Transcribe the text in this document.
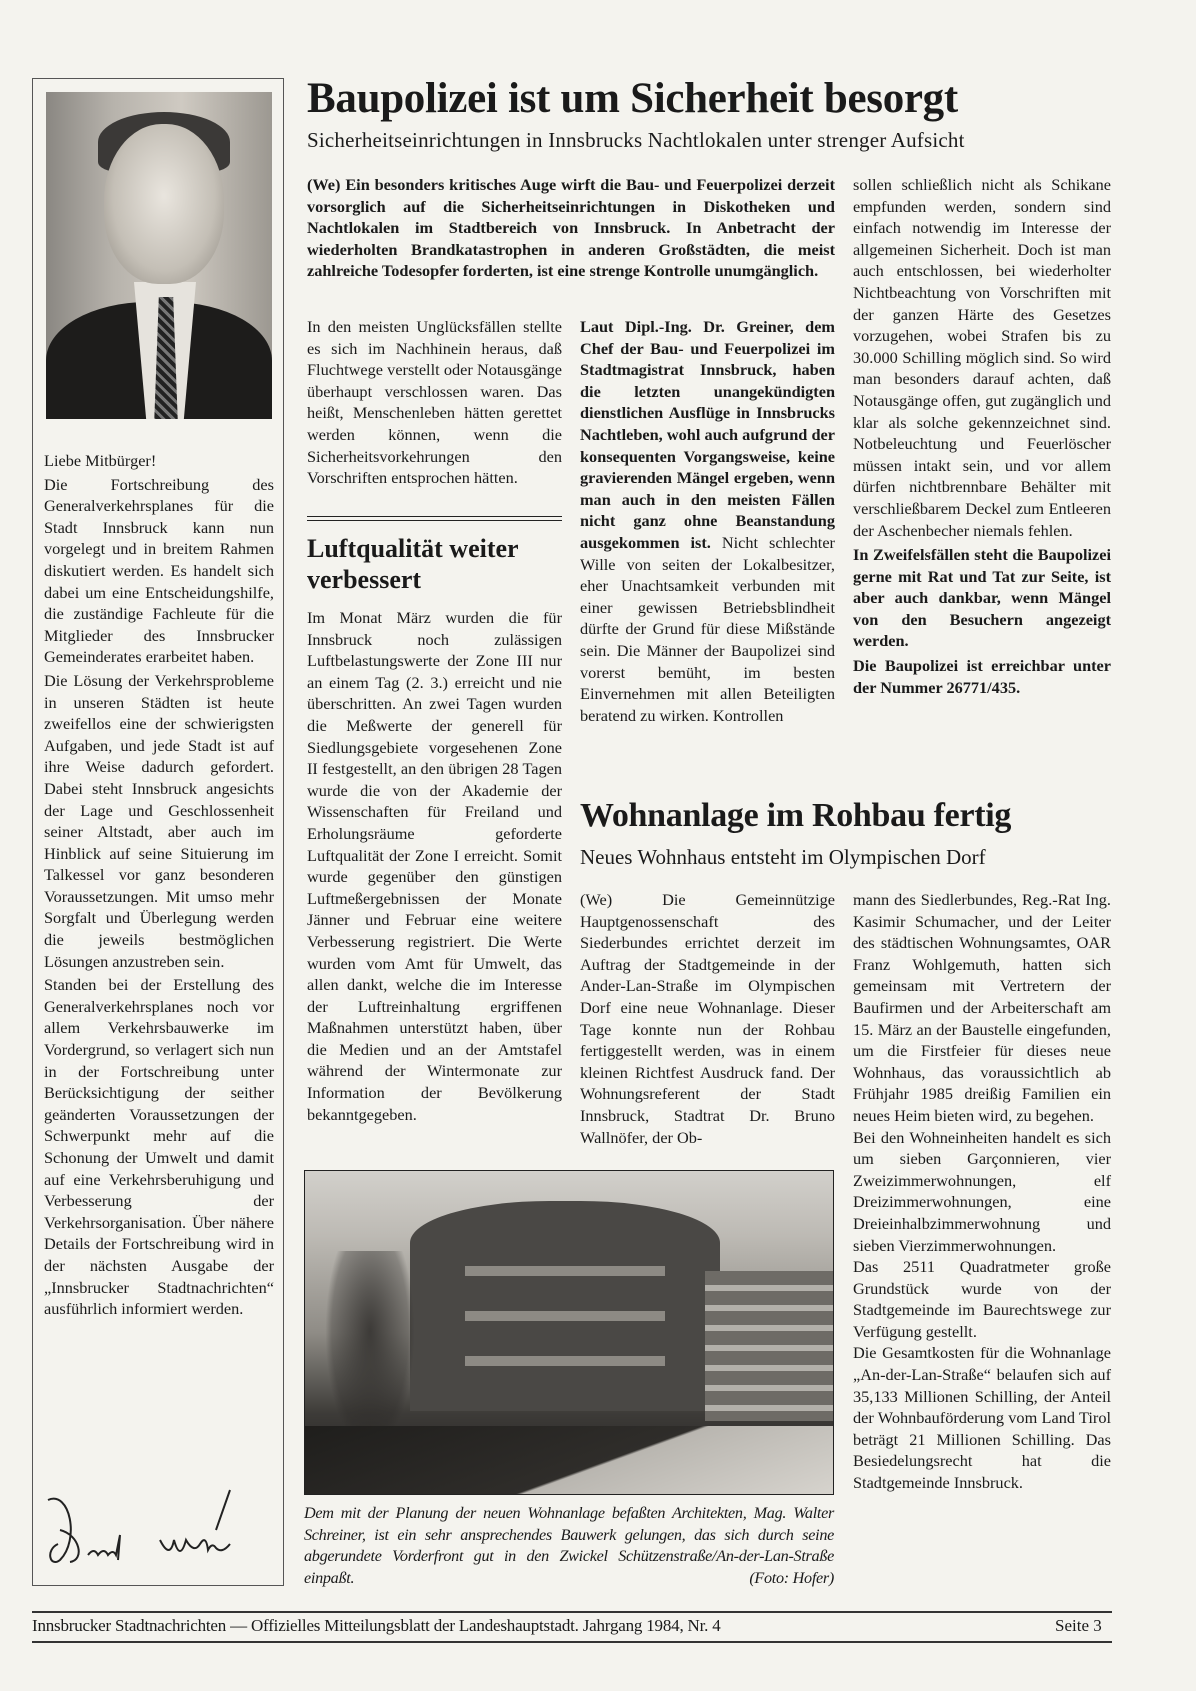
Liebe Mitbürger!

Die Fortschreibung des Generalverkehrsplanes für die Stadt Innsbruck kann nun vorgelegt und in breitem Rahmen diskutiert werden. Es handelt sich dabei um eine Entscheidungshilfe, die zuständige Fachleute für die Mitglieder des Innsbrucker Gemeinderates erarbeitet haben.

Die Lösung der Verkehrsprobleme in unseren Städten ist heute zweifellos eine der schwierigsten Aufgaben, und jede Stadt ist auf ihre Weise dadurch gefordert. Dabei steht Innsbruck angesichts der Lage und Geschlossenheit seiner Altstadt, aber auch im Hinblick auf seine Situierung im Talkessel vor ganz besonderen Voraussetzungen. Mit umso mehr Sorgfalt und Überlegung werden die jeweils bestmöglichen Lösungen anzustreben sein.

Standen bei der Erstellung des Generalverkehrsplanes noch vor allem Verkehrsbauwerke im Vordergrund, so verlagert sich nun in der Fortschreibung unter Berücksichtigung der seither geänderten Voraussetzungen der Schwerpunkt mehr auf die Schonung der Umwelt und damit auf eine Verkehrsberuhigung und Verbesserung der Verkehrsorganisation. Über nähere Details der Fortschreibung wird in der nächsten Ausgabe der „Innsbrucker Stadtnachrichten“ ausführlich informiert werden.

Baupolizei ist um Sicherheit besorgt
Sicherheitseinrichtungen in Innsbrucks Nachtlokalen unter strenger Aufsicht
(We) Ein besonders kritisches Auge wirft die Bau- und Feuerpolizei derzeit vorsorglich auf die Sicherheitseinrichtungen in Diskotheken und Nachtlokalen im Stadtbereich von Innsbruck. In Anbetracht der wiederholten Brandkatastrophen in anderen Großstädten, die meist zahlreiche Todesopfer forderten, ist eine strenge Kontrolle unumgänglich.

In den meisten Unglücksfällen stellte es sich im Nachhinein heraus, daß Fluchtwege verstellt oder Notausgänge überhaupt verschlossen waren. Das heißt, Menschenleben hätten gerettet werden können, wenn die Sicherheitsvorkehrungen den Vorschriften entsprochen hätten.

Laut Dipl.-Ing. Dr. Greiner, dem Chef der Bau- und Feuerpolizei im Stadtmagistrat Innsbruck, haben die letzten unangekündigten dienstlichen Ausflüge in Innsbrucks Nachtleben, wohl auch aufgrund der konsequenten Vorgangsweise, keine gravierenden Mängel ergeben, wenn man auch in den meisten Fällen nicht ganz ohne Beanstandung ausgekommen ist. Nicht schlechter Wille von seiten der Lokalbesitzer, eher Unachtsamkeit verbunden mit einer gewissen Betriebsblindheit dürfte der Grund für diese Mißstände sein. Die Männer der Baupolizei sind vorerst bemüht, im besten Einvernehmen mit allen Beteiligten beratend zu wirken. Kontrollen

sollen schließlich nicht als Schikane empfunden werden, sondern sind einfach notwendig im Interesse der allgemeinen Sicherheit. Doch ist man auch entschlossen, bei wiederholter Nichtbeachtung von Vorschriften mit der ganzen Härte des Gesetzes vorzugehen, wobei Strafen bis zu 30.000 Schilling möglich sind. So wird man besonders darauf achten, daß Notausgänge offen, gut zugänglich und klar als solche gekennzeichnet sind. Notbeleuchtung und Feuerlöscher müssen intakt sein, und vor allem dürfen nichtbrennbare Behälter mit verschließbarem Deckel zum Entleeren der Aschenbecher niemals fehlen.

In Zweifelsfällen steht die Baupolizei gerne mit Rat und Tat zur Seite, ist aber auch dankbar, wenn Mängel von den Besuchern angezeigt werden.

Die Baupolizei ist erreichbar unter der Nummer 26771/435.

Luftqualität weiter verbessert

Im Monat März wurden die für Innsbruck noch zulässigen Luftbelastungswerte der Zone III nur an einem Tag (2. 3.) erreicht und nie überschritten. An zwei Tagen wurden die Meßwerte der generell für Siedlungsgebiete vorgesehenen Zone II festgestellt, an den übrigen 28 Tagen wurde die von der Akademie der Wissenschaften für Freiland und Erholungsräume geforderte Luftqualität der Zone I erreicht. Somit wurde gegenüber den günstigen Luftmeßergebnissen der Monate Jänner und Februar eine weitere Verbesserung registriert. Die Werte wurden vom Amt für Umwelt, das allen dankt, welche die im Interesse der Luftreinhaltung ergriffenen Maßnahmen unterstützt haben, über die Medien und an der Amtstafel während der Wintermonate zur Information der Bevölkerung bekanntgegeben.

Wohnanlage im Rohbau fertig
Neues Wohnhaus entsteht im Olympischen Dorf

(We) Die Gemeinnützige Hauptgenossenschaft des Siederbundes errichtet derzeit im Auftrag der Stadtgemeinde in der Ander-Lan-Straße im Olympischen Dorf eine neue Wohnanlage. Dieser Tage konnte nun der Rohbau fertiggestellt werden, was in einem kleinen Richtfest Ausdruck fand. Der Wohnungsreferent der Stadt Innsbruck, Stadtrat Dr. Bruno Wallnöfer, der Ob-

mann des Siedlerbundes, Reg.-Rat Ing. Kasimir Schumacher, und der Leiter des städtischen Wohnungsamtes, OAR Franz Wohlgemuth, hatten sich gemeinsam mit Vertretern der Baufirmen und der Arbeiterschaft am 15. März an der Baustelle eingefunden, um die Firstfeier für dieses neue Wohnhaus, das voraussichtlich ab Frühjahr 1985 dreißig Familien ein neues Heim bieten wird, zu begehen.

Bei den Wohneinheiten handelt es sich um sieben Garçonnieren, vier Zweizimmerwohnungen, elf Dreizimmerwohnungen, eine Dreieinhalbzimmerwohnung und sieben Vierzimmerwohnungen.

Das 2511 Quadratmeter große Grundstück wurde von der Stadtgemeinde im Baurechtswege zur Verfügung gestellt.

Die Gesamtkosten für die Wohnanlage „An-der-Lan-Straße“ belaufen sich auf 35,133 Millionen Schilling, der Anteil der Wohnbauförderung vom Land Tirol beträgt 21 Millionen Schilling. Das Besiedelungsrecht hat die Stadtgemeinde Innsbruck.

Dem mit der Planung der neuen Wohnanlage befaßten Architekten, Mag. Walter Schreiner, ist ein sehr ansprechendes Bauwerk gelungen, das sich durch seine abgerundete Vorderfront gut in den Zwickel Schützenstraße/An-der-Lan-Straße einpaßt.	(Foto: Hofer)
Innsbrucker Stadtnachrichten — Offizielles Mitteilungsblatt der Landeshauptstadt. Jahrgang 1984, Nr. 4	Seite 3
